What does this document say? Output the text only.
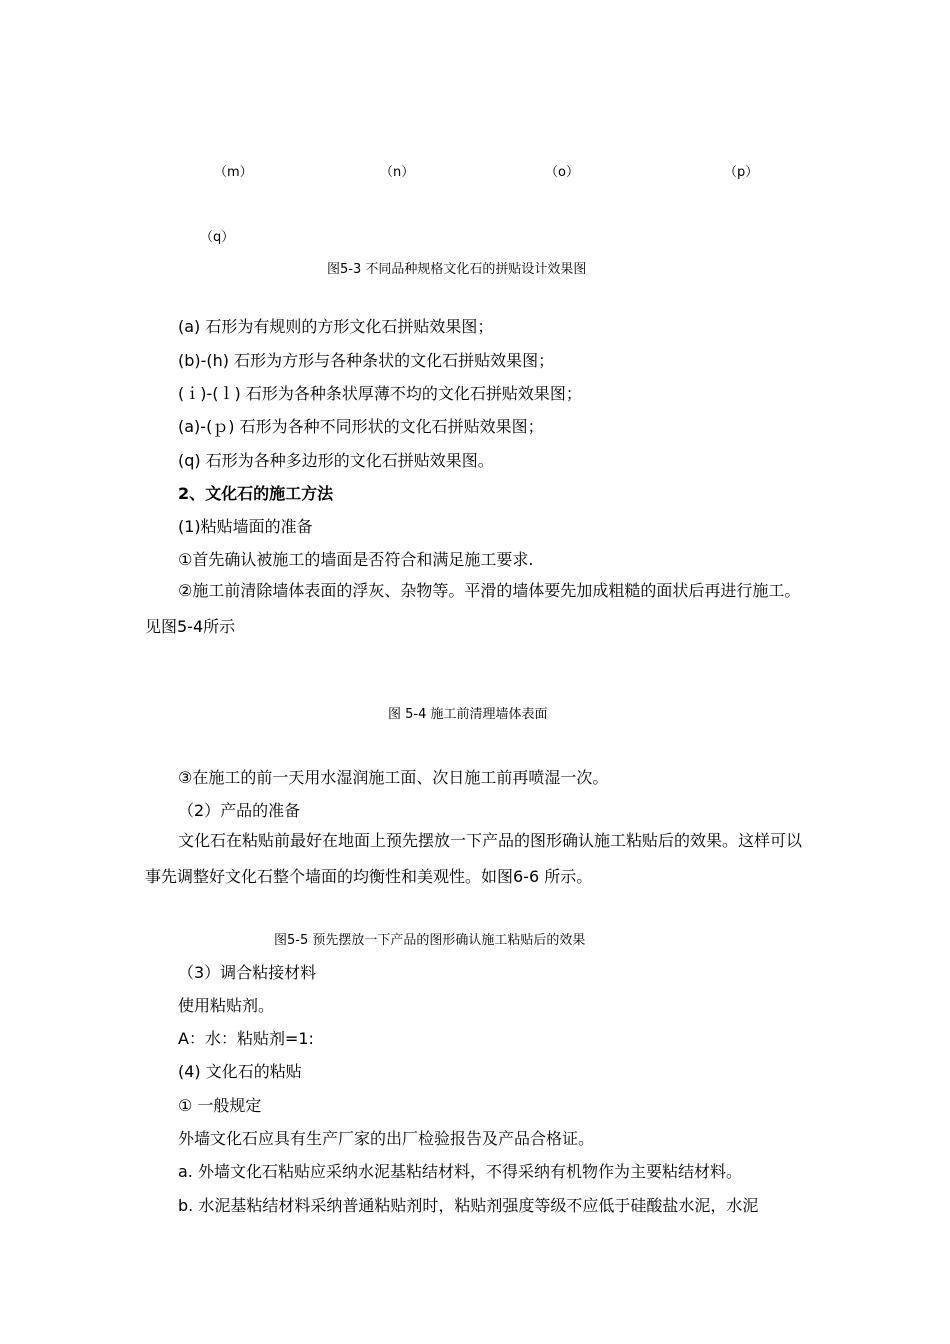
（m）	（n）	（o）	（p）
（q）
图5-3 不同品种规格文化石的拼贴设计效果图
(a) 石形为有规则的方形文化石拼贴效果图；
(b)-(h) 石形为方形与各种条状的文化石拼贴效果图；
(ｉ)-(ｌ) 石形为各种条状厚薄不均的文化石拼贴效果图；
(a)-(ｐ) 石形为各种不同形状的文化石拼贴效果图；
(q) 石形为各种多边形的文化石拼贴效果图。
2、文化石的施工方法
(1)粘贴墙面的准备
①首先确认被施工的墙面是否符合和满足施工要求.
②施工前清除墙体表面的浮灰、杂物等。平滑的墙体要先加成粗糙的面状后再进行施工。见图5-4所示
图 5-4 施工前清理墙体表面
③在施工的前一天用水湿润施工面、次日施工前再喷湿一次。
（2）产品的准备
文化石在粘贴前最好在地面上预先摆放一下产品的图形确认施工粘贴后的效果。这样可以事先调整好文化石整个墙面的均衡性和美观性。如图6-6 所示。
图5-5 预先摆放一下产品的图形确认施工粘贴后的效果
（3）调合粘接材料
使用粘贴剂。
A：水：粘贴剂=1:
(4) 文化石的粘贴
① 一般规定
外墙文化石应具有生产厂家的出厂检验报告及产品合格证。
a. 外墙文化石粘贴应采纳水泥基粘结材料，不得采纳有机物作为主要粘结材料。
b. 水泥基粘结材料采纳普通粘贴剂时，粘贴剂强度等级不应低于硅酸盐水泥，水泥
